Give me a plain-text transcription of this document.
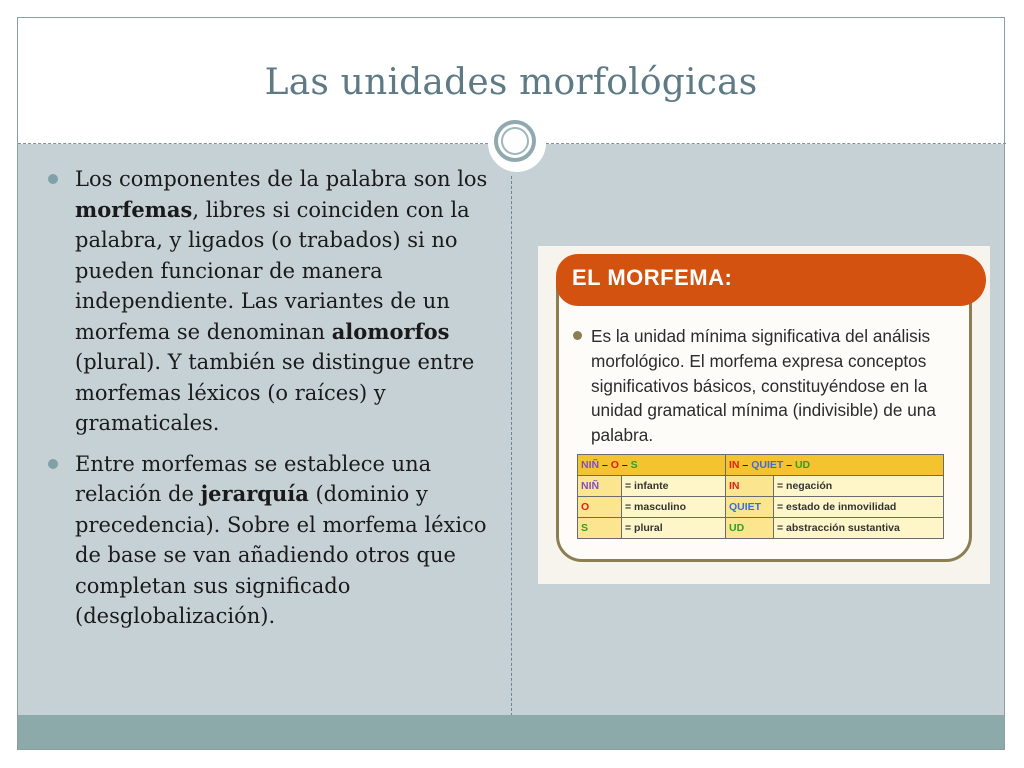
Las unidades morfológicas
Los componentes de la palabra son los morfemas, libres si coinciden con la palabra, y ligados (o trabados) si no pueden funcionar de manera independiente. Las variantes de un morfema se denominan alomorfos (plural). Y también se distingue entre morfemas léxicos (o raíces) y gramaticales.
Entre morfemas se establece una relación de jerarquía (dominio y precedencia). Sobre el morfema léxico de base se van añadiendo otros que completan sus significado (desglobalización).
EL MORFEMA:
Es la unidad mínima significativa del análisis morfológico. El morfema expresa conceptos significativos básicos, constituyéndose en la unidad gramatical mínima (indivisible) de una palabra.
NIÑ – O – S		IN – QUIET – UD	
NIÑ	= infante	IN	= negación
O	= masculino	QUIET	= estado de inmovilidad
S	= plural	UD	= abstracción sustantiva
